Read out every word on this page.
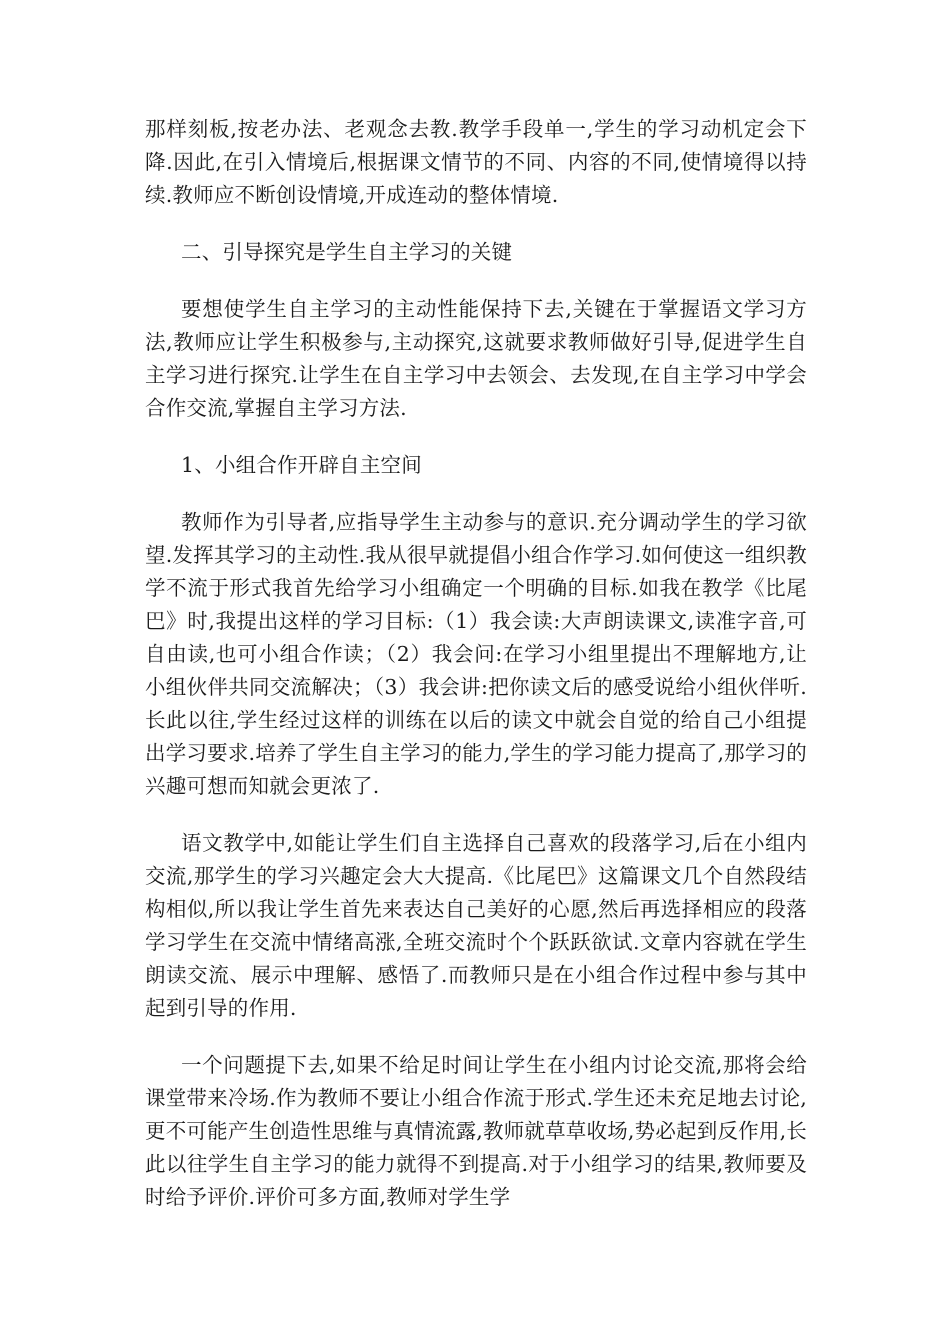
那样刻板,按老办法、老观念去教.教学手段单一,学生的学习动机定会下降.因此,在引入情境后,根据课文情节的不同、内容的不同,使情境得以持续.教师应不断创设情境,开成连动的整体情境.

二、引导探究是学生自主学习的关键

要想使学生自主学习的主动性能保持下去,关键在于掌握语文学习方法,教师应让学生积极参与,主动探究,这就要求教师做好引导,促进学生自主学习进行探究.让学生在自主学习中去领会、去发现,在自主学习中学会合作交流,掌握自主学习方法.

1、小组合作开辟自主空间

教师作为引导者,应指导学生主动参与的意识.充分调动学生的学习欲望.发挥其学习的主动性.我从很早就提倡小组合作学习.如何使这一组织教学不流于形式我首先给学习小组确定一个明确的目标.如我在教学《比尾巴》时,我提出这样的学习目标:（1）我会读:大声朗读课文,读准字音,可自由读,也可小组合作读；（2）我会问:在学习小组里提出不理解地方,让小组伙伴共同交流解决；（3）我会讲:把你读文后的感受说给小组伙伴听.长此以往,学生经过这样的训练在以后的读文中就会自觉的给自己小组提出学习要求.培养了学生自主学习的能力,学生的学习能力提高了,那学习的兴趣可想而知就会更浓了.

语文教学中,如能让学生们自主选择自己喜欢的段落学习,后在小组内交流,那学生的学习兴趣定会大大提高.《比尾巴》这篇课文几个自然段结构相似,所以我让学生首先来表达自己美好的心愿,然后再选择相应的段落学习学生在交流中情绪高涨,全班交流时个个跃跃欲试.文章内容就在学生朗读交流、展示中理解、感悟了.而教师只是在小组合作过程中参与其中起到引导的作用.

一个问题提下去,如果不给足时间让学生在小组内讨论交流,那将会给课堂带来冷场.作为教师不要让小组合作流于形式.学生还未充足地去讨论,更不可能产生创造性思维与真情流露,教师就草草收场,势必起到反作用,长此以往学生自主学习的能力就得不到提高.对于小组学习的结果,教师要及时给予评价.评价可多方面,教师对学生学
